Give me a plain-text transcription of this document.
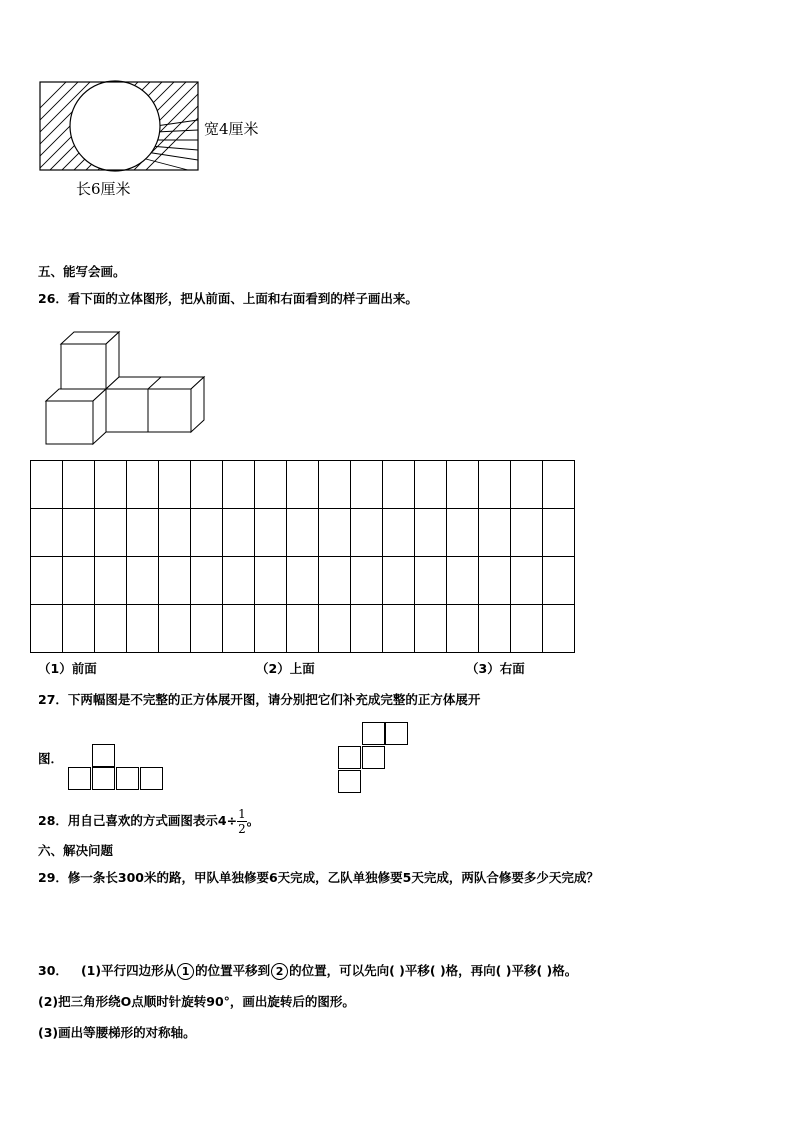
宽4厘米
长6厘米
五、能写会画。
26．看下面的立体图形，把从前面、上面和右面看到的样子画出来。

（1）前面	（2）上面	（3）右面
27．下两幅图是不完整的正方体展开图，请分别把它们补充成完整的正方体展开
图．
28．用自己喜欢的方式画图表示$4\div \frac{1}{2}$ 。
六、解决问题
29．修一条长300米的路，甲队单独修要6天完成，乙队单独修要5天完成，两队合修要多少天完成？
30． (1)平行四边形从 1 的位置平移到 2 的位置，可以先向( )平移( )格，再向( )平移( )格。
(2)把三角形绕O点顺时针旋转90°，画出旋转后的图形。
(3)画出等腰梯形的对称轴。
